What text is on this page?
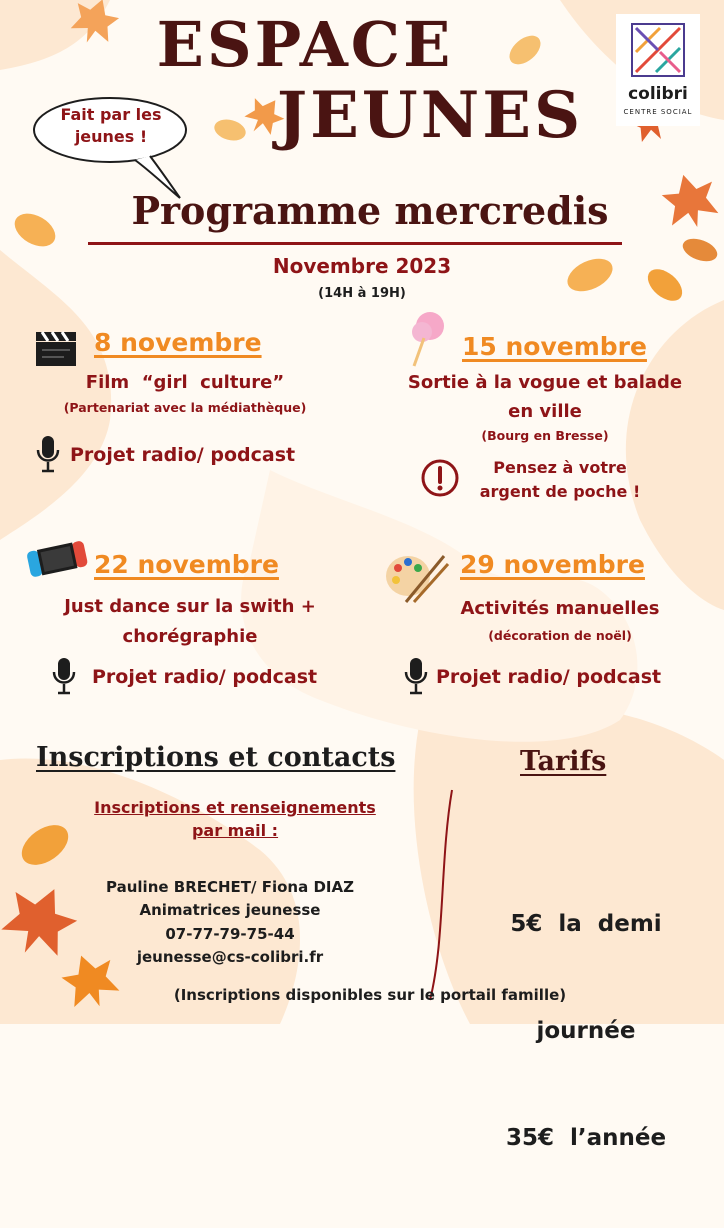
Fait par les
jeunes !
ESPACE
JEUNES	colibri
CENTRE SOCIAL
Programme mercredis
Novembre 2023
(14H à 19H)
8 novembre
Film  “girl  culture”
(Partenariat avec la médiathèque)
Projet radio/ podcast
15 novembre
Sortie à la vogue et balade
en ville
(Bourg en Bresse)
Pensez à votre
argent de poche !
22 novembre
Just dance sur la swith +
chorégraphie
Projet radio/ podcast
29 novembre
Activités manuelles
(décoration de noël)
Projet radio/ podcast
Inscriptions et contacts
Inscriptions et renseignements
par mail :
Pauline BRECHET/ Fiona DIAZ
Animatrices jeunesse
07-77-79-75-44
jeunesse@cs-colibri.fr
Tarifs

5€  la  demi

journée

35€  l’année

(Inscriptions disponibles sur le portail famille)
